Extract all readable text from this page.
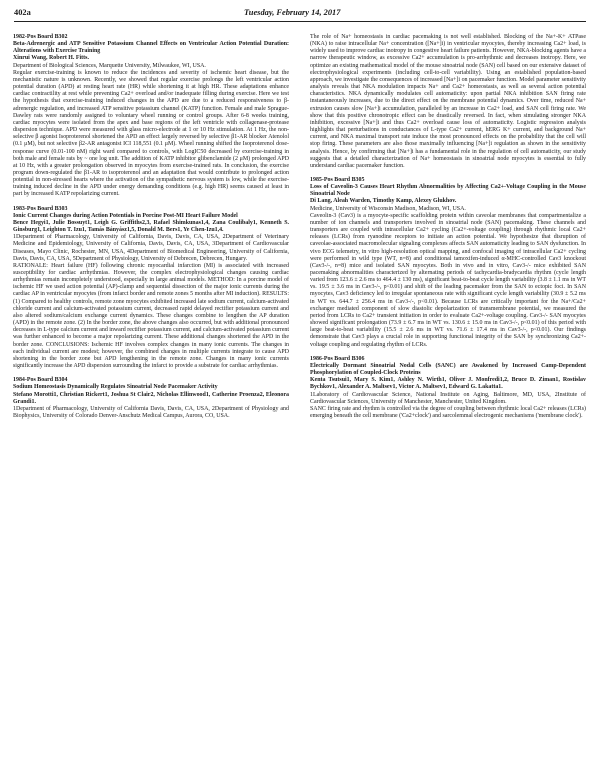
402a	Tuesday, February 14, 2017

1982-Pos Board B302

Beta-Adrenergic and ATP Sensitive Potassium Channel Effects on Ventricular Action Potential Duration: Alterations with Exercise Training

Xinrui Wang, Robert H. Fitts.

Department of Biological Sciences, Marquette University, Milwaukee, WI, USA.

Regular exercise-training is known to reduce the incidences and severity of ischemic heart disease, but the mechanistic nature is unknown. Recently, we showed that regular exercise prolongs the left ventricular action potential duration (APD) at resting heart rate (HR) while shortening it at high HR. These adaptations enhance cardiac contractility at rest while preventing Ca2+ overload and/or inadequate filling during exercise. Here we test the hypothesis that exercise-training induced changes in the APD are due to a reduced responsiveness to β-adrenergic regulation, and increased ATP sensitive potassium channel (KATP) function. Female and male Sprague-Dawley rats were randomly assigned to voluntary wheel running or control groups. After 6-8 weeks training, cardiac myocytes were isolated from the apex and base regions of the left ventricle with collagenase-protease dispersion technique. APD were measured with glass micro-electrode at 1 or 10 Hz stimulation. At 1 Hz, the non-selective β agonist Isoproterenol shortened the APD an effect largely reversed by selective β1-AR blocker Atenolol (0.1 μM), but not selective β2-AR antagonist ICI 118,551 (0.1 μM). Wheel running shifted the Isoproterenol dose-response curve (0.01-100 nM) right ward compared to controls, with LogIC50 decreased by exercise-training in both male and female rats by ~ one log unit. The addition of KATP inhibitor glibenclamide (2 μM) prolonged APD at 10 Hz, with a greater prolongation observed in myocytes from exercise-trained rats. In conclusion, the exercise program down-regulated the β1-AR to isoproterenol and an adaptation that would contribute to prolonged action potential in non-stressed hearts where the activation of the sympathetic nervous system is low, while the exercise-training induced decline in the APD under energy demanding conditions (e.g. high HR) seems caused at least in part by increased KATP repolarizing current.

1983-Pos Board B303

Ionic Current Changes during Action Potentials in Porcine Post-MI Heart Failure Model

Bence Hegyi1, Julie Bossuyt1, Leigh G. Griffiths2,3, Rafael Shimkunas1,4, Zana Coulibaly1, Kenneth S. Ginsburg1, Leighton T. Izu1, Tamás Bányász1,5, Donald M. Bers1, Ye Chen-Izu1,4.

1Department of Pharmacology, University of California, Davis, Davis, CA, USA, 2Department of Veterinary Medicine and Epidemiology, University of California, Davis, Davis, CA, USA, 3Department of Cardiovascular Diseases, Mayo Clinic, Rochester, MN, USA, 4Department of Biomedical Engineering, University of California, Davis, Davis, CA, USA, 5Department of Physiology, University of Debrecen, Debrecen, Hungary.

RATIONALE: Heart failure (HF) following chronic myocardial infarction (MI) is associated with increased susceptibility for cardiac arrhythmias. However, the complex electrophysiological changes causing cardiac arrhythmias remain incompletely understood, especially in large animal models. METHOD: In a porcine model of ischemic HF we used action potential (AP)-clamp and sequential dissection of the major ionic currents during the cardiac AP in ventricular myocytes (from infarct border and remote zones 5 months after MI induction). RESULTS: (1) Compared to healthy controls, remote zone myocytes exhibited increased late sodium current, calcium-activated chloride current and calcium-activated potassium current, decreased rapid delayed rectifier potassium current and also altered sodium/calcium exchange current dynamics. These changes combine to lengthen the AP duration (APD) in the remote zone. (2) In the border zone, the above changes also occurred, but with additional pronounced decreases in L-type calcium current and inward rectifier potassium current, and calcium-activated potassium current was further enhanced to become a major repolarizing current. These additional changes shortened the APD in the border zone. CONCLUSIONS: Ischemic HF involves complex changes in many ionic currents. The changes in each individual current are modest; however, the combined changes in multiple currents integrate to cause APD shortening in the border zone but APD lengthening in the remote zone. Changes in many ionic currents significantly increase the APD dispersion surrounding the infarct to provide a substrate for cardiac arrhythmias.

1984-Pos Board B304

Sodium Homeostasis Dynamically Regulates Sinoatrial Node Pacemaker Activity

Stefano Morotti1, Christian Rickert1, Joshua St Clair2, Nicholas Ellinwood1, Catherine Proenza2, Eleonora Grandi1.

1Department of Pharmacology, University of California Davis, Davis, CA, USA, 2Department of Physiology and Biophysics, University of Colorado Denver-Anschutz Medical Campus, Aurora, CO, USA.

The role of Na+ homeostasis in cardiac pacemaking is not well established. Blocking of the Na+-K+ ATPase (NKA) to raise intracellular Na+ concentration ([Na+]i) in ventricular myocytes, thereby increasing Ca2+ load, is widely used to improve cardiac inotropy in congestive heart failure patients. However, NKA-blocking agents have a narrow therapeutic window, as excessive Ca2+ accumulation is pro-arrhythmic and decreases inotropy. Here, we optimize an existing mathematical model of the mouse sinoatrial node (SAN) cell based on our extensive dataset of electrophysiological experiments (including cell-to-cell variability). Using an established population-based approach, we investigate the consequences of increased [Na+]i on pacemaker function. Model parameter sensitivity analysis reveals that NKA modulation impacts Na+ and Ca2+ homeostasis, as well as several action potential characteristics. NKA dynamically modulates cell automaticity: upon partial NKA inhibition SAN firing rate instantaneously increases, due to the direct effect on the membrane potential dynamics. Over time, reduced Na+ extrusion causes slow [Na+]i accumulation, paralleled by an increase in Ca2+ load, and SAN cell firing rate. We show that this positive chronotropic effect can be drastically reversed. In fact, when simulating stronger NKA inhibition, excessive [Na+]i and thus Ca2+ overload cause loss of automaticity. Logistic regression analysis highlights that perturbations in conductances of L-type Ca2+ current, hERG K+ current, and background Na+ current, and NKA maximal transport rate induce the most pronounced effects on the probability that the cell will stop firing. These parameters are also those maximally influencing [Na+]i regulation as shown in the sensitivity analysis. Hence, by confirming that [Na+]i has a fundamental role in the regulation of cell automaticity, our study suggests that a detailed characterization of Na+ homeostasis in sinoatrial node myocytes is essential to fully understand cardiac pacemaker function.

1985-Pos Board B305

Loss of Caveolin-3 Causes Heart Rhythm Abnormalities by Affecting Ca2+-Voltage Coupling in the Mouse Sinoatrial Node

Di Lang, Aleah Warden, Timothy Kamp, Alexey Glukhov.

Medicine, University of Wisconsin Madison, Madison, WI, USA.

Caveolin-3 (Cav3) is a myocyte-specific scaffolding protein within caveolar membranes that compartmentalize a number of ion channels and transporters involved in sinoatrial node (SAN) pacemaking. These channels and transporters are coupled with intracellular Ca2+ cycling (Ca2+-voltage coupling) through rhythmic local Ca2+ releases (LCRs) from ryanodine receptors to initiate an action potential. We hypothesize that disruption of caveolae-associated macromolecular signaling complexes affects SAN automaticity leading to SAN dysfunction. In vivo ECG telemetry, in vitro high-resolution optical mapping, and confocal imaging of intracellular Ca2+ cycling were performed in wild type (WT, n=8) and conditional tamoxifen-induced α-MHC-controlled Cav3 knockout (Cav3-/-, n=8) mice and isolated SAN myocytes. Both in vivo and in vitro, Cav3-/- mice exhibited SAN pacemaking abnormalities characterized by alternating periods of tachycardia-bradycardia rhythm (cycle length varied from 123.6 ± 2.6 ms to 464.4 ± 130 ms), significant beat-to-beat cycle length variability (3.8 ± 1.1 ms in WT vs. 19.5 ± 3.6 ms in Cav3-/-, p<0.01) and shift of the leading pacemaker from the SAN to ectopic foci. In SAN myocytes, Cav3 deficiency led to irregular spontaneous rate with significant cycle length variability (30.9 ± 5.2 ms in WT vs. 644.7 ± 256.4 ms in Cav3-/-, p<0.01). Because LCRs are critically important for the Na+/Ca2+ exchanger mediated component of slow diastolic depolarization of transmembrane potential, we measured the period from LCRs to Ca2+ transient initiation in order to evaluate Ca2+-voltage coupling. Cav3-/- SAN myocytes showed significant prolongation (73.9 ± 6.7 ms in WT vs. 130.6 ± 15.0 ms in Cav3-/-, p<0.01) of this period with large beat-to-beat variability (15.5 ± 2.6 ms in WT vs. 71.6 ± 17.4 ms in Cav3-/-, p<0.01). Our findings demonstrate that Cav3 plays a crucial role in supporting functional integrity of the SAN by synchronizing Ca2+-voltage coupling and regulating rhythm of LCRs.

1986-Pos Board B306

Electrically Dormant Sinoatrial Nodal Cells (SANC) are Awakened by Increased Camp-Dependent Phosphorylation of Coupled-Clock Proteins

Kenta Tsutsui1, Mary S. Kim1, Ashley N. Wirth1, Oliver J. Monfredi1,2, Bruce D. Ziman1, Rostislav Bychkov1, Alexander A. Maltsev1, Victor A. Maltsev1, Edward G. Lakatta1.

1Laboratory of Cardiovascular Science, National Institute on Aging, Baltimore, MD, USA, 2Institute of Cardiovascular Sciences, University of Manchester, Manchester, United Kingdom.

SANC firing rate and rhythm is controlled via the degree of coupling between rhythmic local Ca2+ releases (LCRs) emerging beneath the cell membrane ('Ca2+clock') and sarcolemmal electrogenic mechanisms ('membrane clock').
